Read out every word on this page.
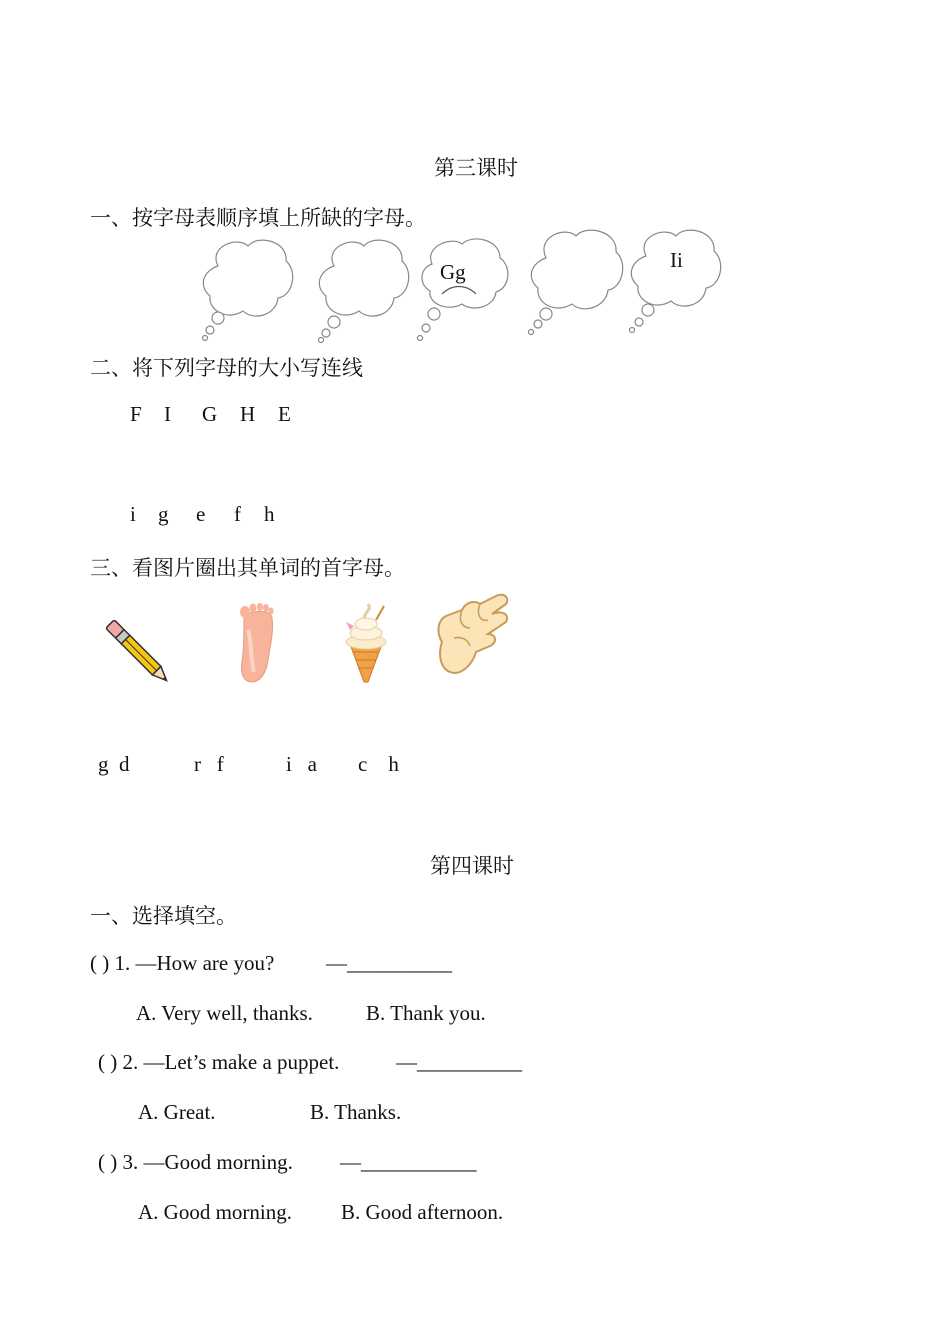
第三课时
一、按字母表顺序填上所缺的字母。
Gg	Ii
二、将下列字母的大小写连线
F I G H E
i g e f h
三、看图片圈出其单词的首字母。
g d	r f	i a c h
第四课时
一、选择填空。
( ) 1. —How are you? —__________
A. Very well, thanks.	B. Thank you.
( ) 2. —Let’s make a puppet.	—__________
A. Great.	B. Thanks.
( ) 3. —Good morning. —___________
A. Good morning. B. Good afternoon.
